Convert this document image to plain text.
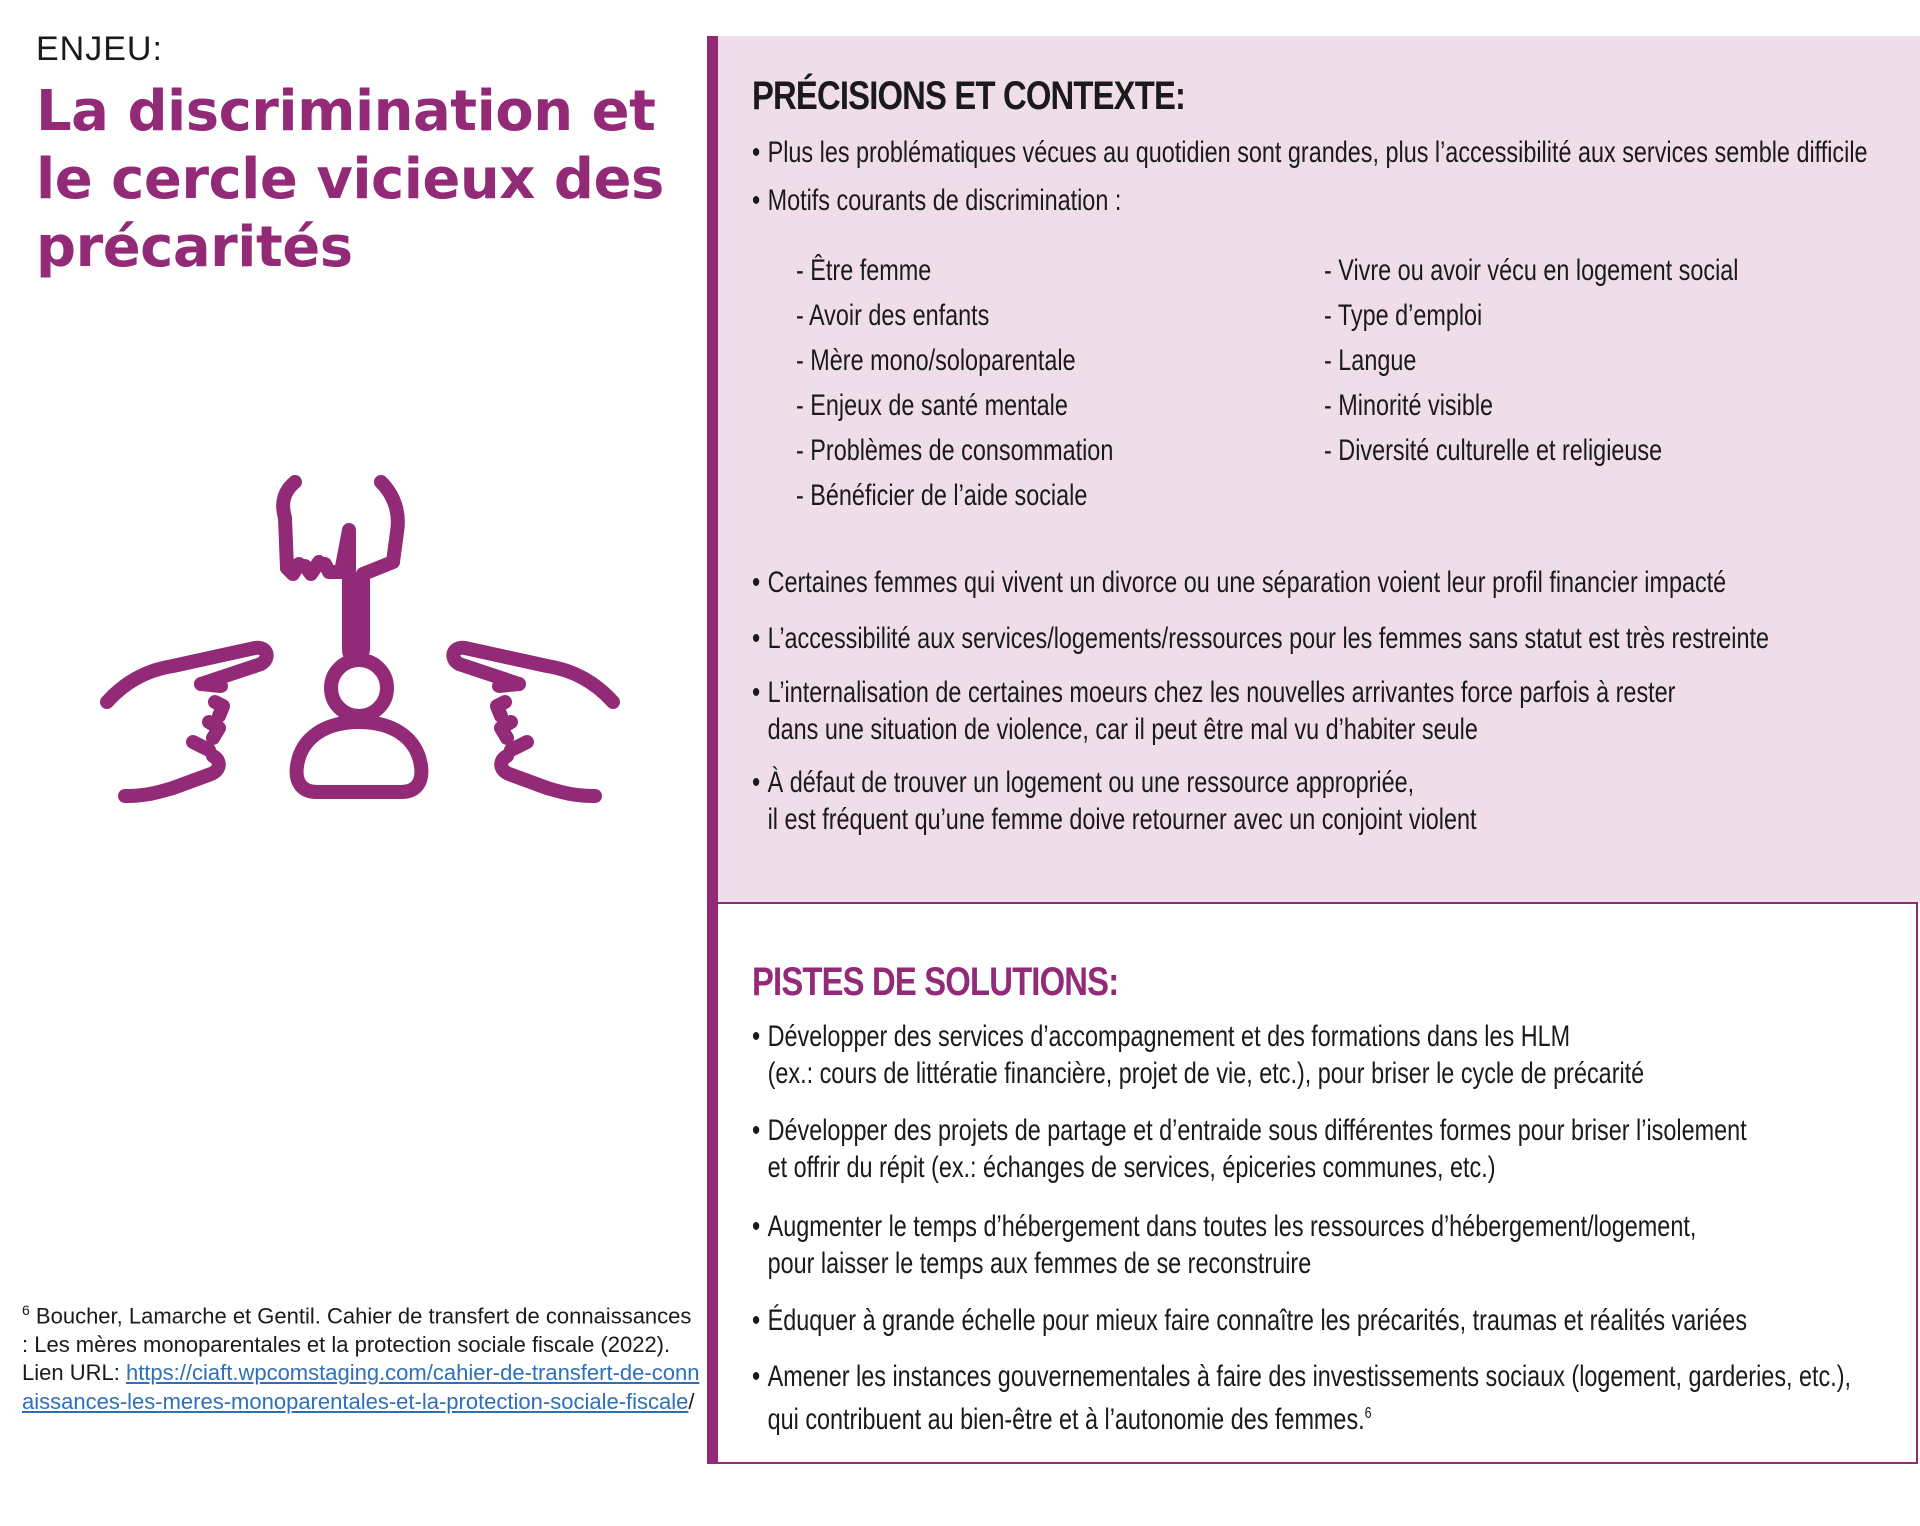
ENJEU:
La discrimination et le cercle vicieux des précarités
$^6$ Boucher, Lamarche et Gentil. Cahier de transfert de connaissances : Les mères monoparentales et la protection sociale fiscale (2022). Lien URL: https://ciaft.wpcomstaging.com/cahier-de-transfert-de-connaissances-les-meres-monoparentales-et-la-protection-sociale-fiscale/
PRÉCISIONS ET CONTEXTE:
• Plus les problématiques vécues au quotidien sont grandes, plus l’accessibilité aux services semble difficile
• Motifs courants de discrimination :
- Être femme
- Avoir des enfants
- Mère mono/soloparentale
- Enjeux de santé mentale
- Problèmes de consommation
- Bénéficier de l’aide sociale
- Vivre ou avoir vécu en logement social
- Type d’emploi
- Langue
- Minorité visible
- Diversité culturelle et religieuse
• Certaines femmes qui vivent un divorce ou une séparation voient leur profil financier impacté
• L’accessibilité aux services/logements/ressources pour les femmes sans statut est très restreinte
• L’internalisation de certaines moeurs chez les nouvelles arrivantes force parfois à rester
dans une situation de violence, car il peut être mal vu d’habiter seule
• À défaut de trouver un logement ou une ressource appropriée,
il est fréquent qu’une femme doive retourner avec un conjoint violent
PISTES DE SOLUTIONS:
• Développer des services d’accompagnement et des formations dans les HLM
(ex.: cours de littératie financière, projet de vie, etc.), pour briser le cycle de précarité
• Développer des projets de partage et d’entraide sous différentes formes pour briser l’isolement
et offrir du répit (ex.: échanges de services, épiceries communes, etc.)
• Augmenter le temps d’hébergement dans toutes les ressources d’hébergement/logement,
pour laisser le temps aux femmes de se reconstruire
• Éduquer à grande échelle pour mieux faire connaître les précarités, traumas et réalités variées
• Amener les instances gouvernementales à faire des investissements sociaux (logement, garderies, etc.),
qui contribuent au bien-être et à l’autonomie des femmes.$^6$
